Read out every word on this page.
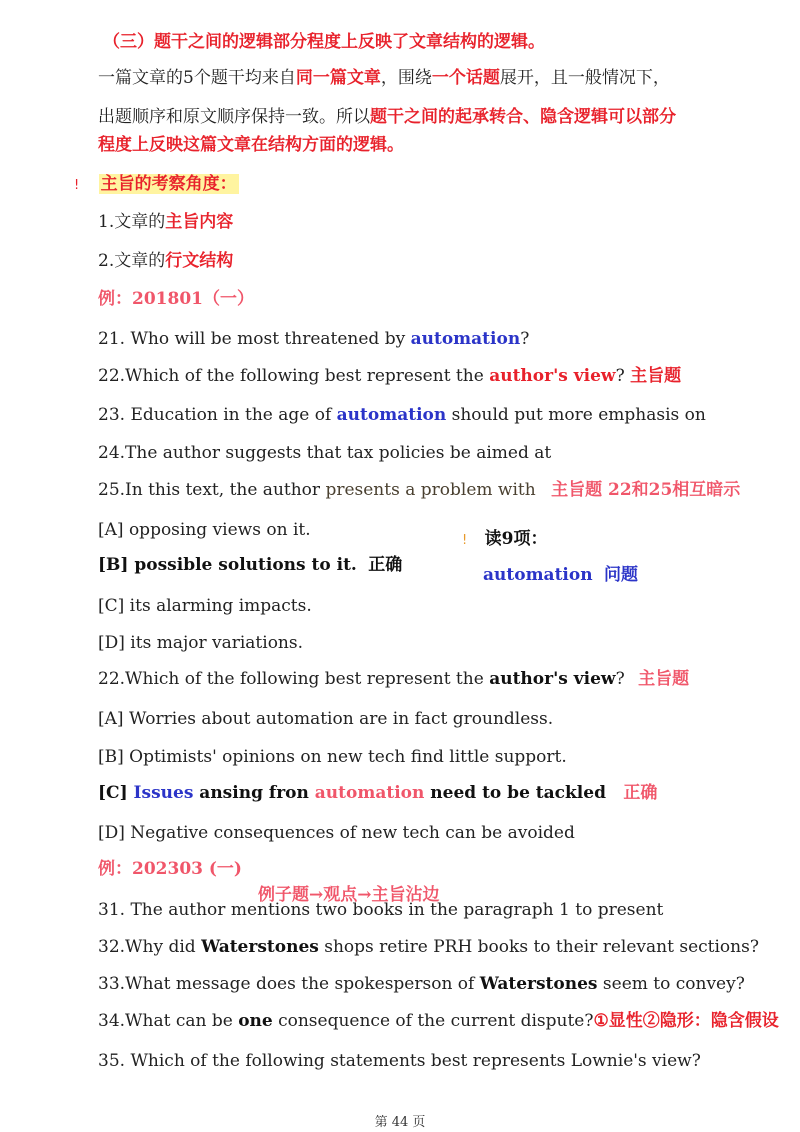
（三）题干之间的逻辑部分程度上反映了文章结构的逻辑。
一篇文章的5个题干均来自同一篇文章，围绕一个话题展开，且一般情况下，
出题顺序和原文顺序保持一致。所以题干之间的起承转合、隐含逻辑可以部分
程度上反映这篇文章在结构方面的逻辑。
! 主旨的考察角度：
1.文章的主旨内容
2.文章的行文结构
例：201801（一）
21. Who will be most threatened by automation?
22.Which of the following best represent the author's view? 主旨题
23. Education in the age of automation should put more emphasis on
24.The author suggests that tax policies be aimed at
25.In this text, the author presents a problem with 主旨题 22和25相互暗示
[A] opposing views on it.
[B] possible solutions to it. 正确
[C] its alarming impacts.
[D] its major variations.
! 读9项：
automation 问题
22.Which of the following best represent the author's view? 主旨题
[A] Worries about automation are in fact groundless.
[B] Optimists' opinions on new tech find little support.
[C] Issues ansing fron automation need to be tackled 正确
[D] Negative consequences of new tech can be avoided
例：202303 (一)
例子题→观点→主旨沾边
31. The author mentions two books in the paragraph 1 to present
32.Why did Waterstones shops retire PRH books to their relevant sections?
33.What message does the spokesperson of Waterstones seem to convey?
34.What can be one consequence of the current dispute?①显性②隐形：隐含假设
35. Which of the following statements best represents Lownie's view?
第 44 页
